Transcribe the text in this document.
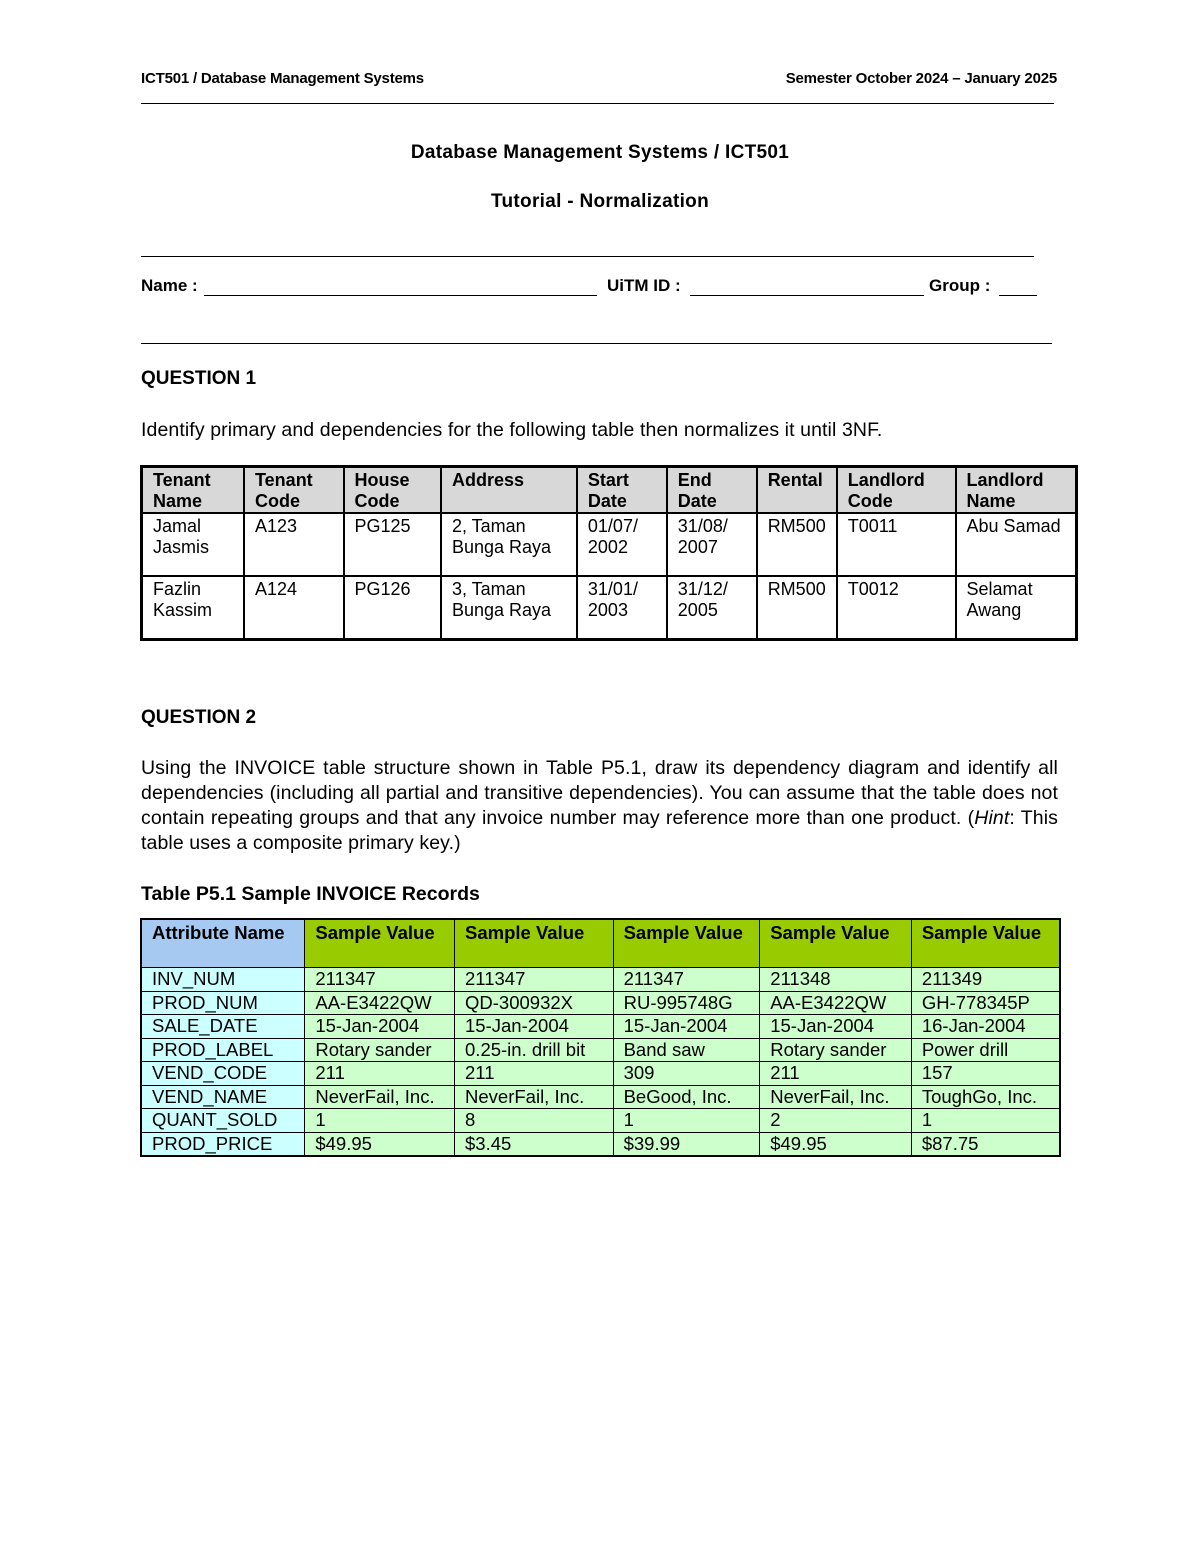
ICT501 / Database Management Systems	Semester October 2024 – January 2025
Database Management Systems / ICT501
Tutorial - Normalization
Name :	UiTM ID :	Group :
QUESTION 1
Identify primary and dependencies for the following table then normalizes it until 3NF.
Tenant Name	Tenant Code	House Code	Address	Start Date	End Date	Rental	Landlord Code	Landlord Name
Jamal Jasmis	A123	PG125	2, Taman Bunga Raya	01/07/ 2002	31/08/ 2007	RM500	T0011	Abu Samad
Fazlin Kassim	A124	PG126	3, Taman Bunga Raya	31/01/ 2003	31/12/ 2005	RM500	T0012	Selamat Awang
QUESTION 2
Using the INVOICE table structure shown in Table P5.1, draw its dependency diagram and identify all dependencies (including all partial and transitive dependencies). You can assume that the table does not contain repeating groups and that any invoice number may reference more than one product. (Hint: This table uses a composite primary key.)
Table P5.1 Sample INVOICE Records
Attribute Name	Sample Value	Sample Value	Sample Value	Sample Value	Sample Value
INV_NUM	211347	211347	211347	211348	211349
PROD_NUM	AA-E3422QW	QD-300932X	RU-995748G	AA-E3422QW	GH-778345P
SALE_DATE	15-Jan-2004	15-Jan-2004	15-Jan-2004	15-Jan-2004	16-Jan-2004
PROD_LABEL	Rotary sander	0.25-in. drill bit	Band saw	Rotary sander	Power drill
VEND_CODE	211	211	309	211	157
VEND_NAME	NeverFail, Inc.	NeverFail, Inc.	BeGood, Inc.	NeverFail, Inc.	ToughGo, Inc.
QUANT_SOLD	1	8	1	2	1
PROD_PRICE	$49.95	$3.45	$39.99	$49.95	$87.75
